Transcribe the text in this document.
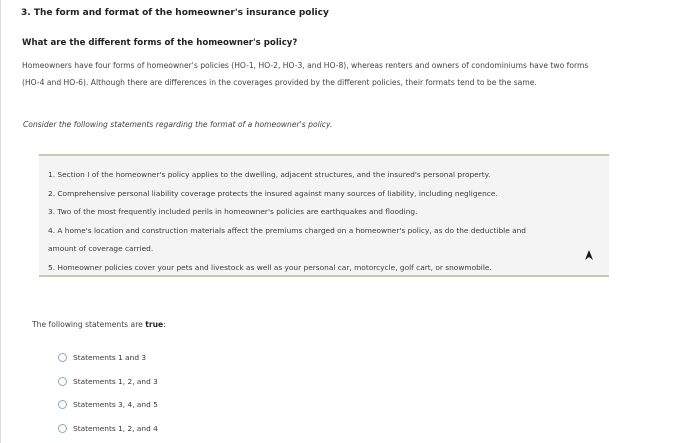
3. The form and format of the homeowner's insurance policy
What are the different forms of the homeowner's policy?
Homeowners have four forms of homeowner's policies (HO-1, HO-2, HO-3, and HO-8), whereas renters and owners of condominiums have two forms
(HO-4 and HO-6). Although there are differences in the coverages provided by the different policies, their formats tend to be the same.
Consider the following statements regarding the format of a homeowner's policy.
1. Section I of the homeowner's policy applies to the dwelling, adjacent structures, and the insured's personal property.
2. Comprehensive personal liability coverage protects the insured against many sources of liability, including negligence.
3. Two of the most frequently included perils in homeowner's policies are earthquakes and flooding.
4. A home's location and construction materials affect the premiums charged on a homeowner's policy, as do the deductible and
amount of coverage carried.
5. Homeowner policies cover your pets and livestock as well as your personal car, motorcycle, golf cart, or snowmobile.
The following statements are true:
Statements 1 and 3
Statements 1, 2, and 3
Statements 3, 4, and 5
Statements 1, 2, and 4
